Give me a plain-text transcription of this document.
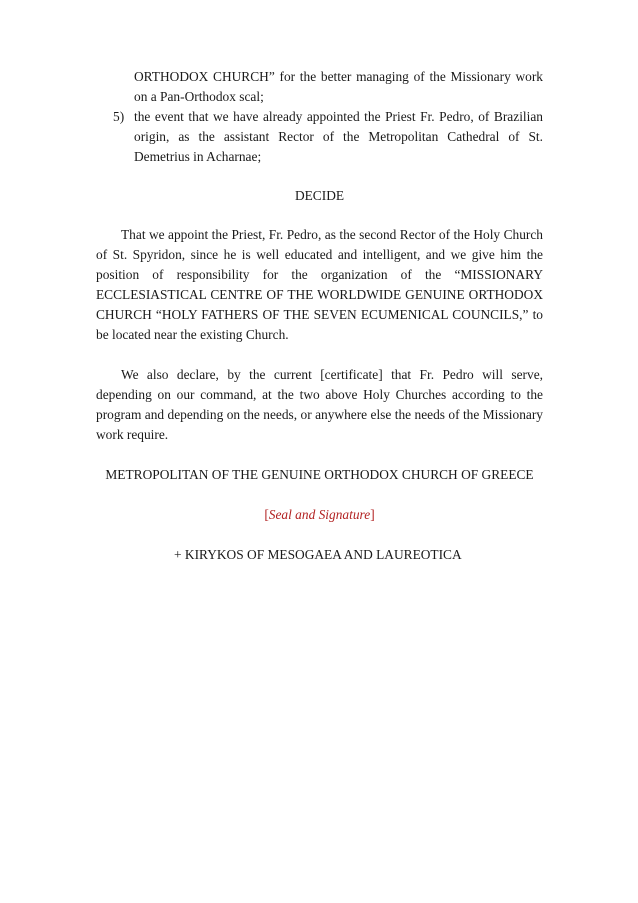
ORTHODOX CHURCH” for the better managing of the Missionary work on a Pan-Orthodox scal;
5) the event that we have already appointed the Priest Fr. Pedro, of Brazilian origin, as the assistant Rector of the Metropolitan Cathedral of St. Demetrius in Acharnae;
DECIDE
That we appoint the Priest, Fr. Pedro, as the second Rector of the Holy Church of St. Spyridon, since he is well educated and intelligent, and we give him the position of responsibility for the organization of the “MISSIONARY ECCLESIASTICAL CENTRE OF THE WORLDWIDE GENUINE ORTHODOX CHURCH “HOLY FATHERS OF THE SEVEN ECUMENICAL COUNCILS,” to be located near the existing Church.
We also declare, by the current [certificate] that Fr. Pedro will serve, depending on our command, at the two above Holy Churches according to the program and depending on the needs, or anywhere else the needs of the Missionary work require.
METROPOLITAN OF THE GENUINE ORTHODOX CHURCH OF GREECE
[Seal and Signature]
+ KIRYKOS OF MESOGAEA AND LAUREOTICA
